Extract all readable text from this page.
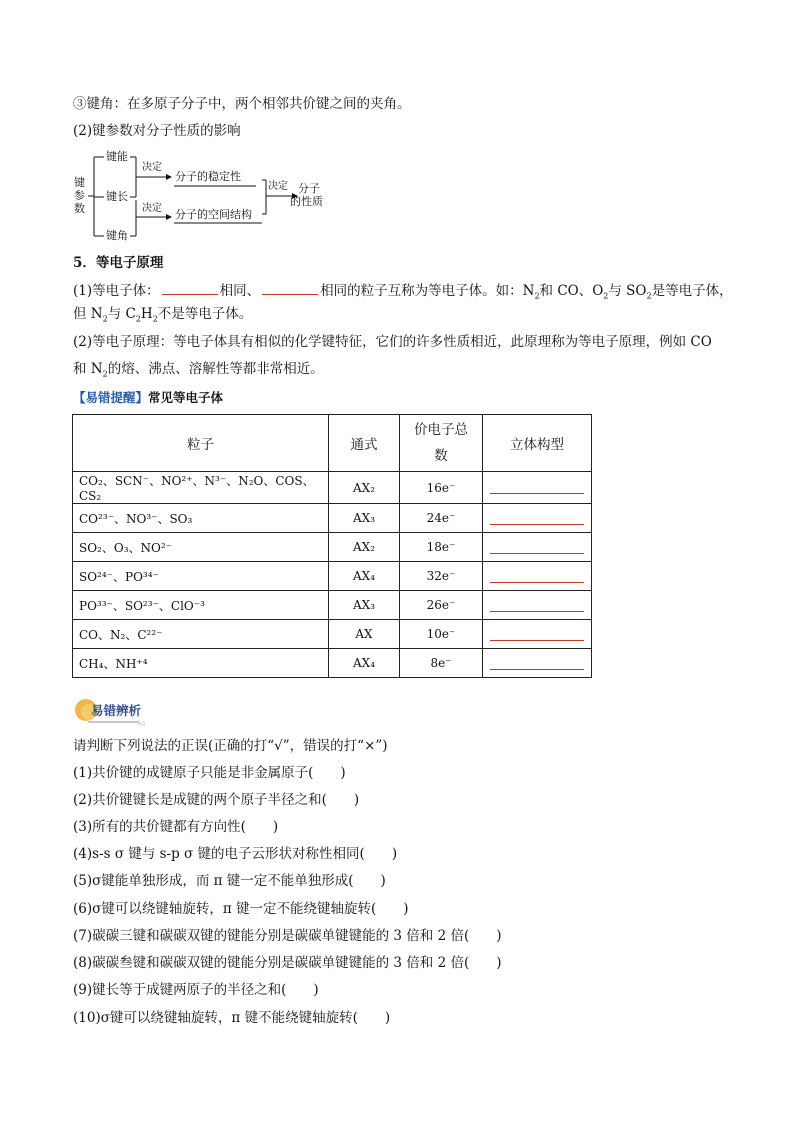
③键角：在多原子分子中，两个相邻共价键之间的夹角。
(2)键参数对分子性质的影响
键
参
数
键能
键长
键角
决定
决定
分子的稳定性
分子的空间结构
决定 分子
的性质
5．等电子原理
(1)等电子体：	相同、	相同的粒子互称为等电子体。如：$N_2$和 CO、$O_2$与 $SO_2$是等电子体，
但 $N_2$与 $C_2H_2$不是等电子体。
(2)等电子原理：等电子体具有相似的化学键特征，它们的许多性质相近，此原理称为等电子原理，例如 CO
和 $N_2$的熔、沸点、溶解性等都非常相近。
【易错提醒】常见等电子体
粒子	通式	价电子总数	立体构型
CO₂、SCN⁻、NO²⁺、N³⁻、N₂O、COS、CS₂	AX₂	16e⁻	

CO²³⁻、NO³⁻、SO₃	AX₃	24e⁻	

SO₂、O₃、NO²⁻	AX₂	18e⁻	

SO²⁴⁻、PO³⁴⁻	AX₄	32e⁻	

PO³³⁻、SO²³⁻、ClO⁻³	AX₃	26e⁻	

CO、N₂、C²²⁻	AX	10e⁻	

CH₄、NH⁺⁴	AX₄	8e⁻	
I◁
易错辨析
请判断下列说法的正误(正确的打“√”，错误的打“×”)
(1)共价键的成键原子只能是非金属原子(　　)
(2)共价键键长是成键的两个原子半径之和(　　)
(3)所有的共价键都有方向性(　　)
(4)s-s σ 键与 s-p σ 键的电子云形状对称性相同(　　)
(5)σ键能单独形成，而 π 键一定不能单独形成(　　)
(6)σ键可以绕键轴旋转，π 键一定不能绕键轴旋转(　　)
(7)碳碳三键和碳碳双键的键能分别是碳碳单键键能的 3 倍和 2 倍(　　)
(8)碳碳叁键和碳碳双键的键能分别是碳碳单键键能的 3 倍和 2 倍(　　)
(9)键长等于成键两原子的半径之和(　　)
(10)σ键可以绕键轴旋转，π 键不能绕键轴旋转(　　)
